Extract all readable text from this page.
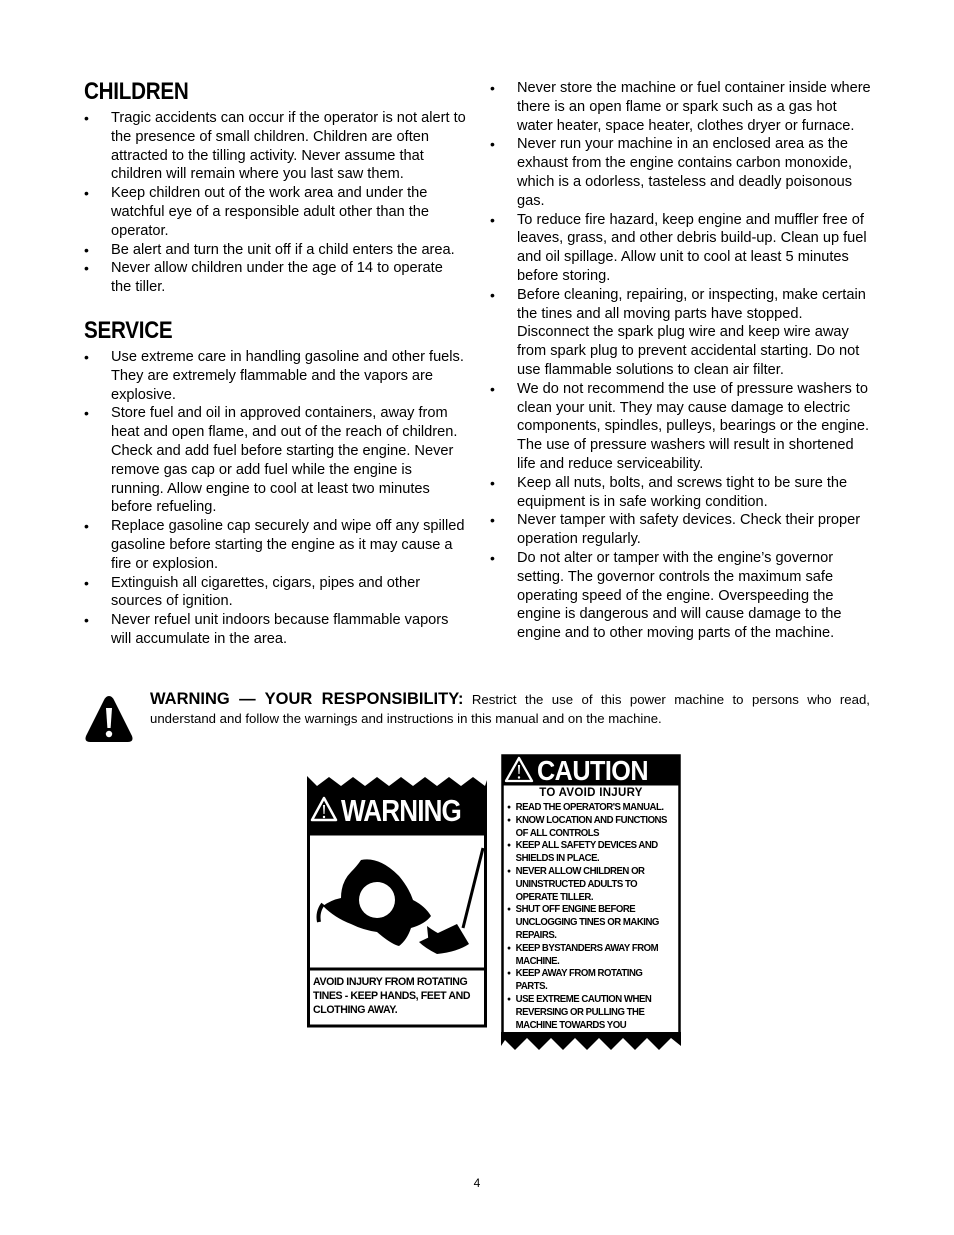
CHILDREN
• Tragic accidents can occur if the operator is not alert to the presence of small children. Children are often attracted to the tilling activity. Never assume that children will remain where you last saw them.
• Keep children out of the work area and under the watchful eye of a responsible adult other than the operator.
• Be alert and turn the unit off if a child enters the area.
• Never allow children under the age of 14 to operate the tiller.
SERVICE
• Use extreme care in handling gasoline and other fuels. They are extremely flammable and the vapors are explosive.
• Store fuel and oil in approved containers, away from heat and open flame, and out of the reach of children. Check and add fuel before starting the engine. Never remove gas cap or add fuel while the engine is running. Allow engine to cool at least two minutes before refueling.
• Replace gasoline cap securely and wipe off any spilled gasoline before starting the engine as it may cause a fire or explosion.
• Extinguish all cigarettes, cigars, pipes and other sources of ignition.
• Never refuel unit indoors because flammable vapors will accumulate in the area.
• Never store the machine or fuel container inside where there is an open flame or spark such as a gas hot water heater, space heater, clothes dryer or furnace.
• Never run your machine in an enclosed area as the exhaust from the engine contains carbon monoxide, which is a odorless, tasteless and deadly poisonous gas.
• To reduce fire hazard, keep engine and muffler free of leaves, grass, and other debris build-up. Clean up fuel and oil spillage. Allow unit to cool at least 5 minutes before storing.
• Before cleaning, repairing, or inspecting, make certain the tines and all moving parts have stopped. Disconnect the spark plug wire and keep wire away from spark plug to prevent accidental starting. Do not use flammable solutions to clean air filter.
• We do not recommend the use of pressure washers to clean your unit. They may cause damage to electric components, spindles, pulleys, bearings or the engine. The use of pressure washers will result in shortened life and reduce serviceability.
• Keep all nuts, bolts, and screws tight to be sure the equipment is in safe working condition.
• Never tamper with safety devices. Check their proper operation regularly.
• Do not alter or tamper with the engine’s governor setting. The governor controls the maximum safe operating speed of the engine. Overspeeding the engine is dangerous and will cause damage to the engine and to other moving parts of the machine.
WARNING — YOUR RESPONSIBILITY: Restrict the use of this power machine to persons who read, understand and follow the warnings and instructions in this manual and on the machine.
WARNING
AVOID INJURY FROM ROTATING TINES - KEEP HANDS, FEET AND CLOTHING AWAY.
CAUTION
TO AVOID INJURY
● READ THE OPERATOR'S MANUAL.
● KNOW LOCATION AND FUNCTIONS OF ALL CONTROLS
● KEEP ALL SAFETY DEVICES AND SHIELDS IN PLACE.
● NEVER ALLOW CHILDREN OR UNINSTRUCTED ADULTS TO OPERATE TILLER.
● SHUT OFF ENGINE BEFORE UNCLOGGING TINES OR MAKING REPAIRS.
● KEEP BYSTANDERS AWAY FROM MACHINE.
● KEEP AWAY FROM ROTATING PARTS.
● USE EXTREME CAUTION WHEN REVERSING OR PULLING THE MACHINE TOWARDS YOU
4
